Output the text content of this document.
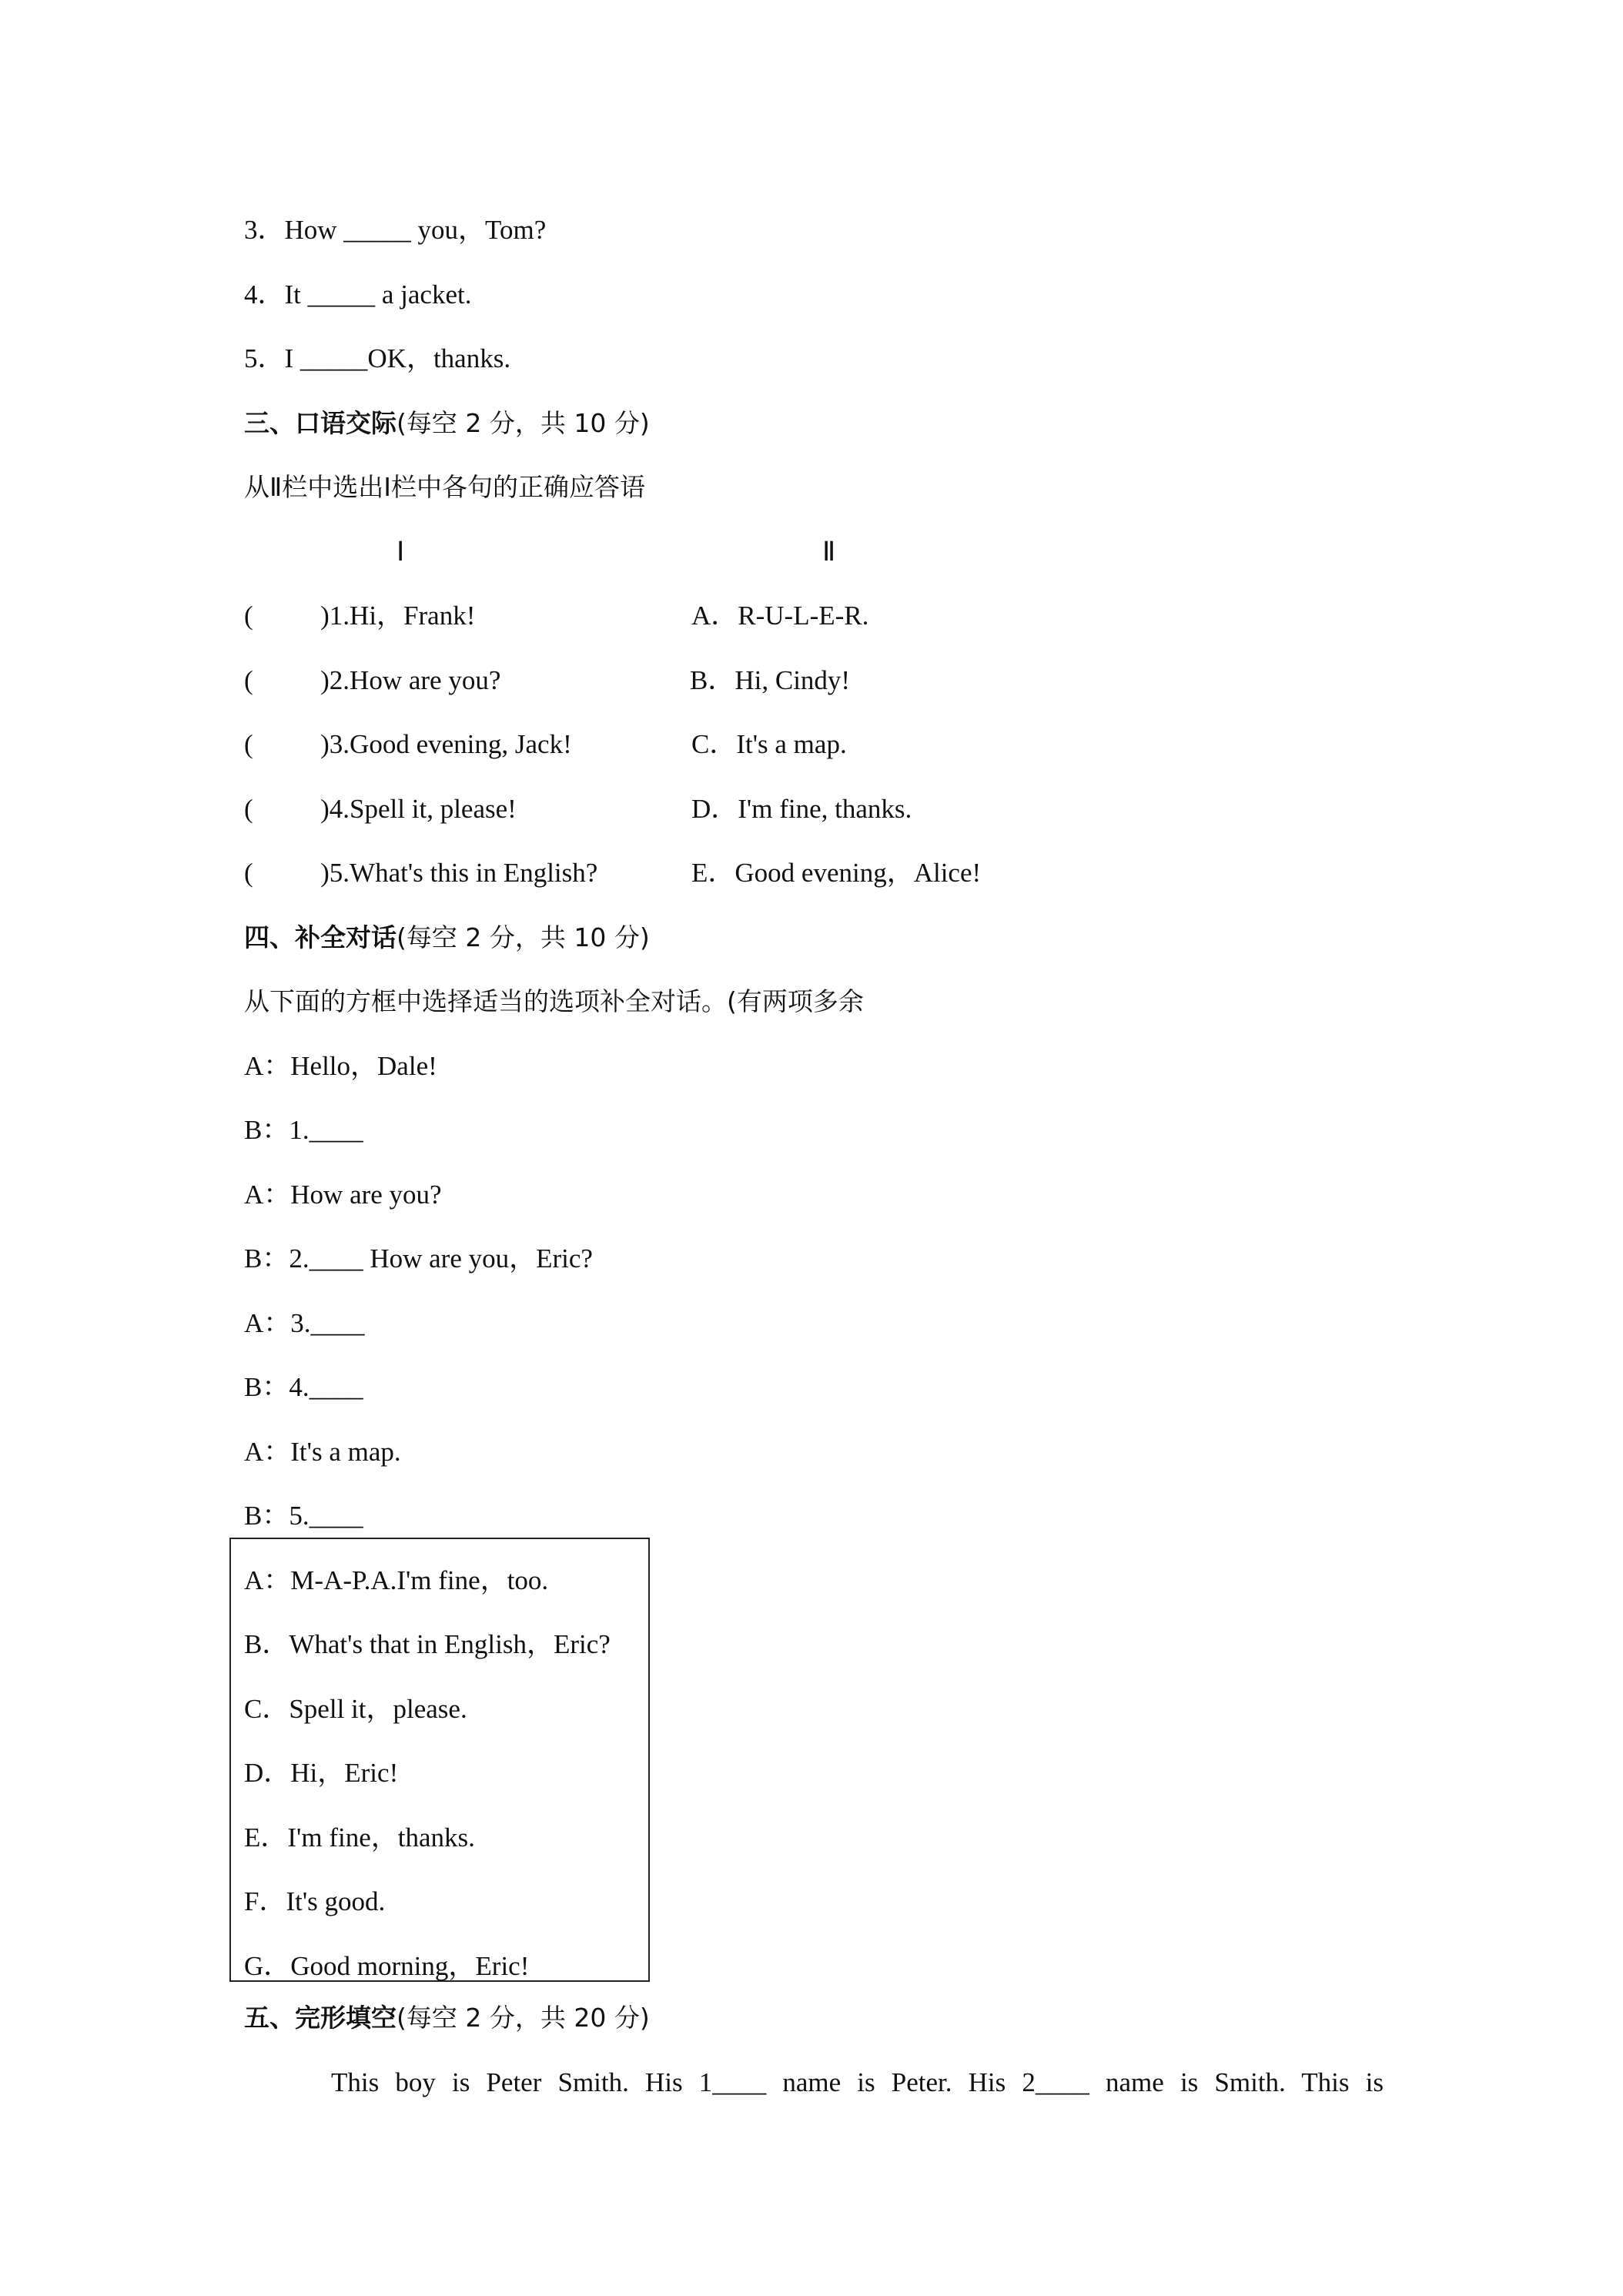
3．How _____ you，Tom?
4．It _____ a jacket.
5．I _____OK，thanks.
三、口语交际(每空 2 分，共 10 分)
从Ⅱ栏中选出Ⅰ栏中各句的正确应答语
Ⅰ	Ⅱ
(          )1.Hi，Frank!
(          )2.How are you?
(          )3.Good evening, Jack!
(          )4.Spell it, please!
(          )5.What's this in English?
A．R-U-L-E-R.
B．Hi, Cindy!
C．It's a map.
D．I'm fine, thanks.
E．Good evening，Alice!
四、补全对话(每空 2 分，共 10 分)
从下面的方框中选择适当的选项补全对话。(有两项多余
A：Hello，Dale!
B：1.____
A：How are you?
B：2.____ How are you，Eric?
A：3.____
B：4.____
A：It's a map.
B：5.____
A：M-A-P.A.I'm fine，too.
B．What's that in English，Eric?
C．Spell it，please.
D．Hi，Eric!
E．I'm fine，thanks.
F．It's good.
G．Good morning，Eric!
五、完形填空(每空 2 分，共 20 分)
This boy is Peter Smith. His 1____ name is Peter. His 2____ name is Smith. This is
